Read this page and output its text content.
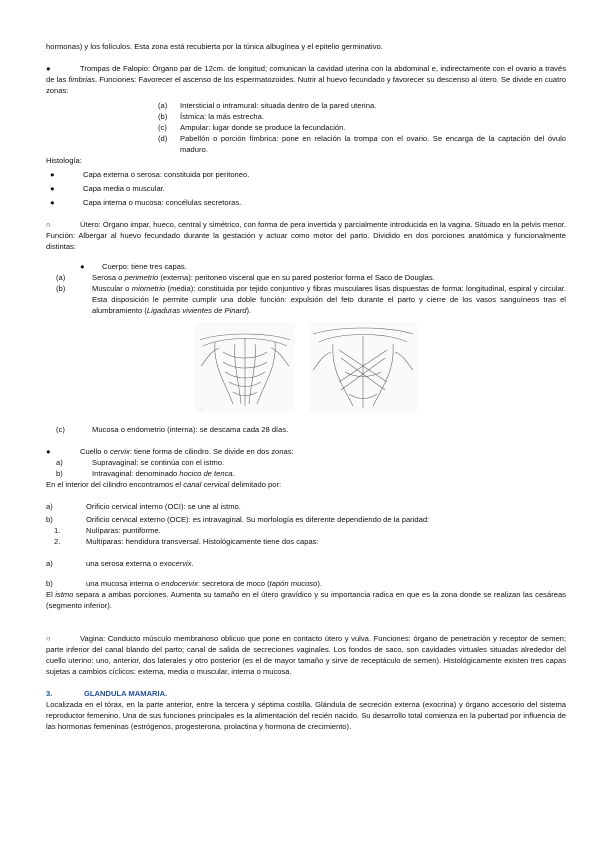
hormonas) y los folículos. Esta zona está recubierta por la túnica albugínea y el epitelio germinativo.

●	Trompas de Falopio: Órgano par de 12cm. de longitud; comunican la cavidad uterina con la abdominal e, indirectamente con el ovario a través de las fimbrias. Funciones: Favorecer el ascenso de los espermatozoides. Nutrir al huevo fecundado y favorecer su descenso al útero. Se divide en cuatro zonas:

(a)	Intersticial o intramural: situada dentro de la pared uterina.
(b)	Ístmica: la más estrecha.
(c)	Ampular: lugar donde se produce la fecundación.
(d)	Pabellón o porción fímbrica: pone en relación la trompa con el ovario. Se encarga de la captación del óvulo maduro.

Histología:

●	Capa externa o serosa: constituida por peritoneo.
●	Capa media o muscular.
●	Capa interna o mucosa: concélulas secretoras.

○	Útero: Órgano impar, hueco, central y simétrico, con forma de pera invertida y parcialmente introducida en la vagina. Situado en la pelvis menor. Función: Albergar al huevo fecundado durante la gestación y actuar como motor del parto. Dividido en dos porciones anatómica y funcionalmente distintas:

●	Cuerpo: tiene tres capas.
(a)	Serosa o perimetrio (externa): peritoneo visceral que en su pared posterior forma el Saco de Douglas.
(b)	Muscular o miometrio (media): constituida por tejido conjuntivo y fibras musculares lisas dispuestas de forma: longitudinal, espiral y circular. Esta disposición le permite cumplir una doble función: expulsión del feto durante el parto y cierre de los vasos sanguíneos tras el alumbramiento (Ligaduras vivientes de Pinard).

—
(c)	Mucosa o endometrio (interna): se descama cada 28 días.
●	Cuello o cervix: tiene forma de cilindro. Se divide en dos zonas:
a)	Supravaginal: se continúa con el istmo.
b)	Intravaginal: denominado hocico de tenca.

En el interior del cilindro encontramos el canal cervical delimitado por:

a)	Orificio cervical interno (OCI): se une al istmo.
b)	Orificio cervical externo (OCE): es intravaginal. Su morfología es diferente dependiendo de la paridad:
1.	Nulíparas: puntiforme.
2.	Multíparas: hendidura transversal. Histológicamente tiene dos capas:
a)	una serosa externa o exocervix.
b)	una mucosa interna o endocervix: secretora de moco (tapón mucoso).

El istmo separa a ambas porciones. Aumenta su tamaño en el útero gravídico y su importancia radica en que es la zona donde se realizan las cesáreas (segmento inferior).

○	Vagina: Conducto músculo membranoso oblicuo que pone en contacto útero y vulva. Funciones: órgano de penetración y receptor de semen; parte inferior del canal blando del parto; canal de salida de secreciones vaginales. Los fondos de saco, son cavidades virtuales situadas alrededor del cuello uterino: uno, anterior, dos laterales y otro posterior (es el de mayor tamaño y sirve de receptáculo de semen). Histológicamente existen tres capas sujetas a cambios cíclicos: externa, media o muscular, interna o mucosa.

3.	GLANDULA MAMARIA.

Localizada en el tórax, en la parte anterior, entre la tercera y séptima costilla. Glándula de secreción externa (exocrina) y órgano accesorio del sistema reproductor femenino. Una de sus funciones principales es la alimentación del recién nacido. Su desarrollo total comienza en la pubertad por influencia de las hormonas femeninas (estrógenos, progesterona, prolactina y hormona de crecimiento).
